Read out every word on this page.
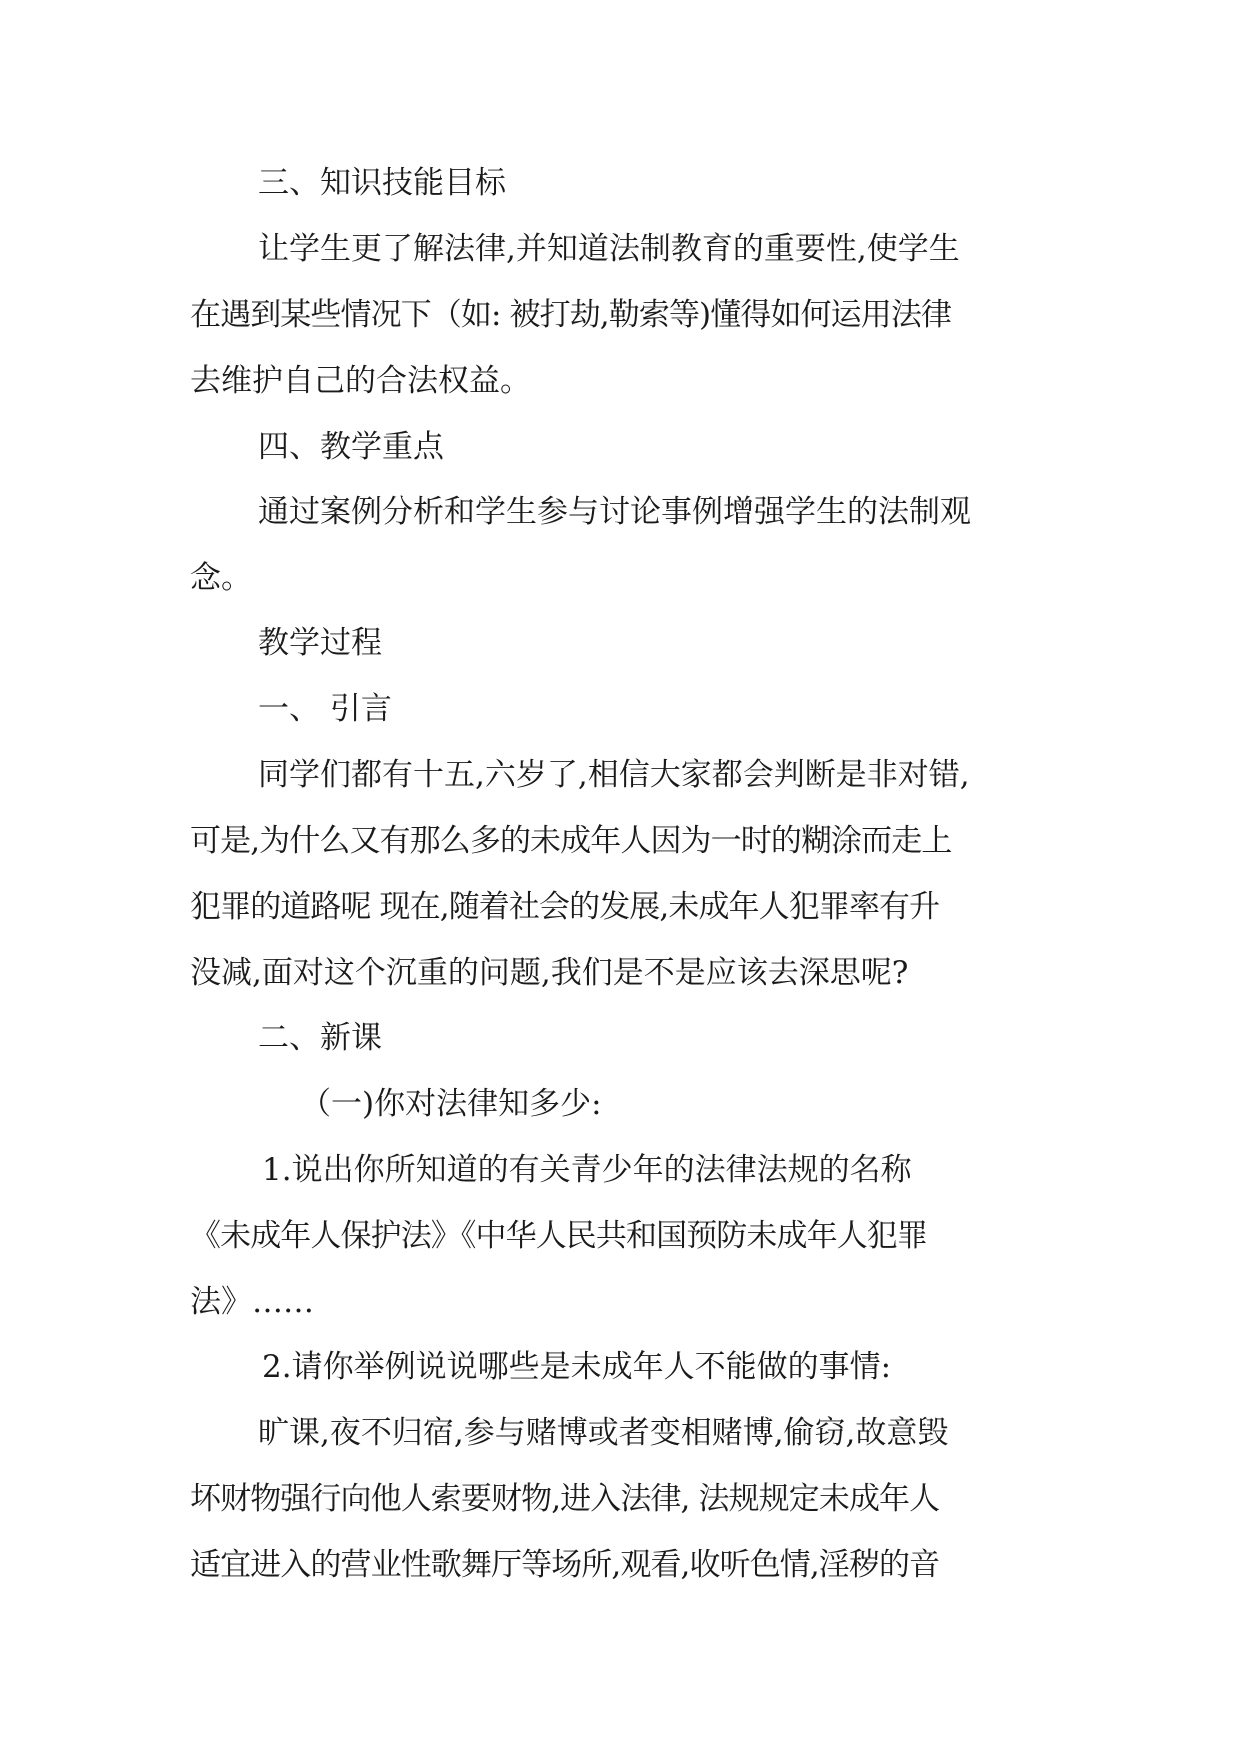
三、知识技能目标
让学生更了解法律,并知道法制教育的重要性,使学生
在遇到某些情况下（如: 被打劫,勒索等)懂得如何运用法律
去维护自己的合法权益。
四、教学重点
通过案例分析和学生参与讨论事例增强学生的法制观
念。
教学过程
一、 引言
同学们都有十五,六岁了,相信大家都会判断是非对错,
可是,为什么又有那么多的未成年人因为一时的糊涂而走上
犯罪的道路呢 现在,随着社会的发展,未成年人犯罪率有升
没减,面对这个沉重的问题,我们是不是应该去深思呢?
二、新课
（一)你对法律知多少:
1.说出你所知道的有关青少年的法律法规的名称
《未成年人保护法》《中华人民共和国预防未成年人犯罪
法》……
2.请你举例说说哪些是未成年人不能做的事情:
旷课,夜不归宿,参与赌博或者变相赌博,偷窃,故意毁
坏财物强行向他人索要财物,进入法律, 法规规定未成年人
适宜进入的营业性歌舞厅等场所,观看,收听色情,淫秽的音
